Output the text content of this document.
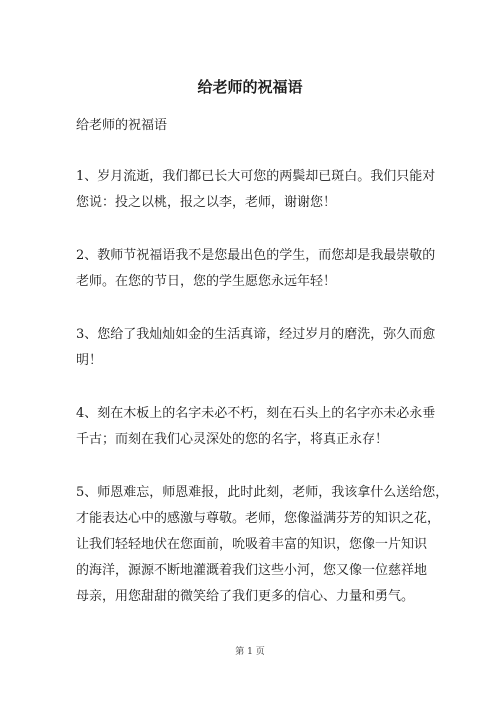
给老师的祝福语
给老师的祝福语

1、岁月流逝，我们都已长大可您的两鬓却已斑白。我们只能对
您说：投之以桃，报之以李，老师，谢谢您！

2、教师节祝福语我不是您最出色的学生，而您却是我最崇敬的
老师。在您的节日，您的学生愿您永远年轻！

3、您给了我灿灿如金的生活真谛，经过岁月的磨洗，弥久而愈
明！

4、刻在木板上的名字未必不朽，刻在石头上的名字亦未必永垂
千古；而刻在我们心灵深处的您的名字，将真正永存！

5、师恩难忘，师恩难报，此时此刻，老师，我该拿什么送给您，
才能表达心中的感激与尊敬。老师，您像溢满芬芳的知识之花，
让我们轻轻地伏在您面前，吮吸着丰富的知识，您像一片知识
的海洋，源源不断地灌溉着我们这些小河，您又像一位慈祥地
母亲，用您甜甜的微笑给了我们更多的信心、力量和勇气。

第 1 页
